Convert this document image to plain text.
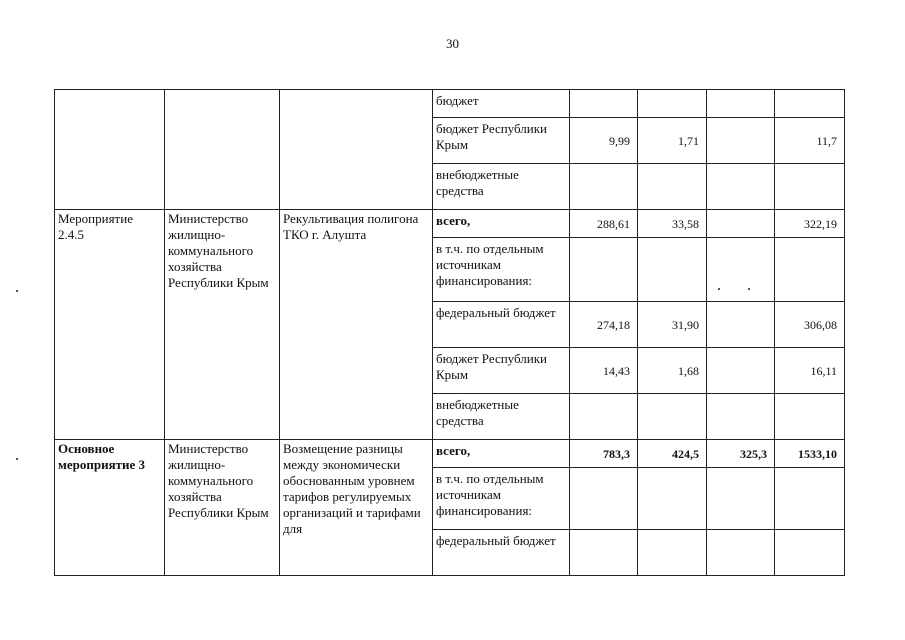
30
			бюджет				
			бюджет Республики Крым	9,99	1,71		11,7
			внебюджетные средства				
Мероприятие 2.4.5	Министерство жилищно-коммунального хозяйства Республики Крым	Рекультивация полигона ТКО г. Алушта	всего,	288,61	33,58		322,19
			в т.ч. по отдельным источникам финансирования:				
			федеральный бюджет	274,18	31,90		306,08
			бюджет Республики Крым	14,43	1,68		16,11
			внебюджетные средства				
Основное мероприятие 3	Министерство жилищно-коммунального хозяйства Республики Крым	Возмещение разницы между экономически обоснованным уровнем тарифов регулируемых организаций и тарифами для	всего,	783,3	424,5	325,3	1533,10
			в т.ч. по отдельным источникам финансирования:				
			федеральный бюджет				
